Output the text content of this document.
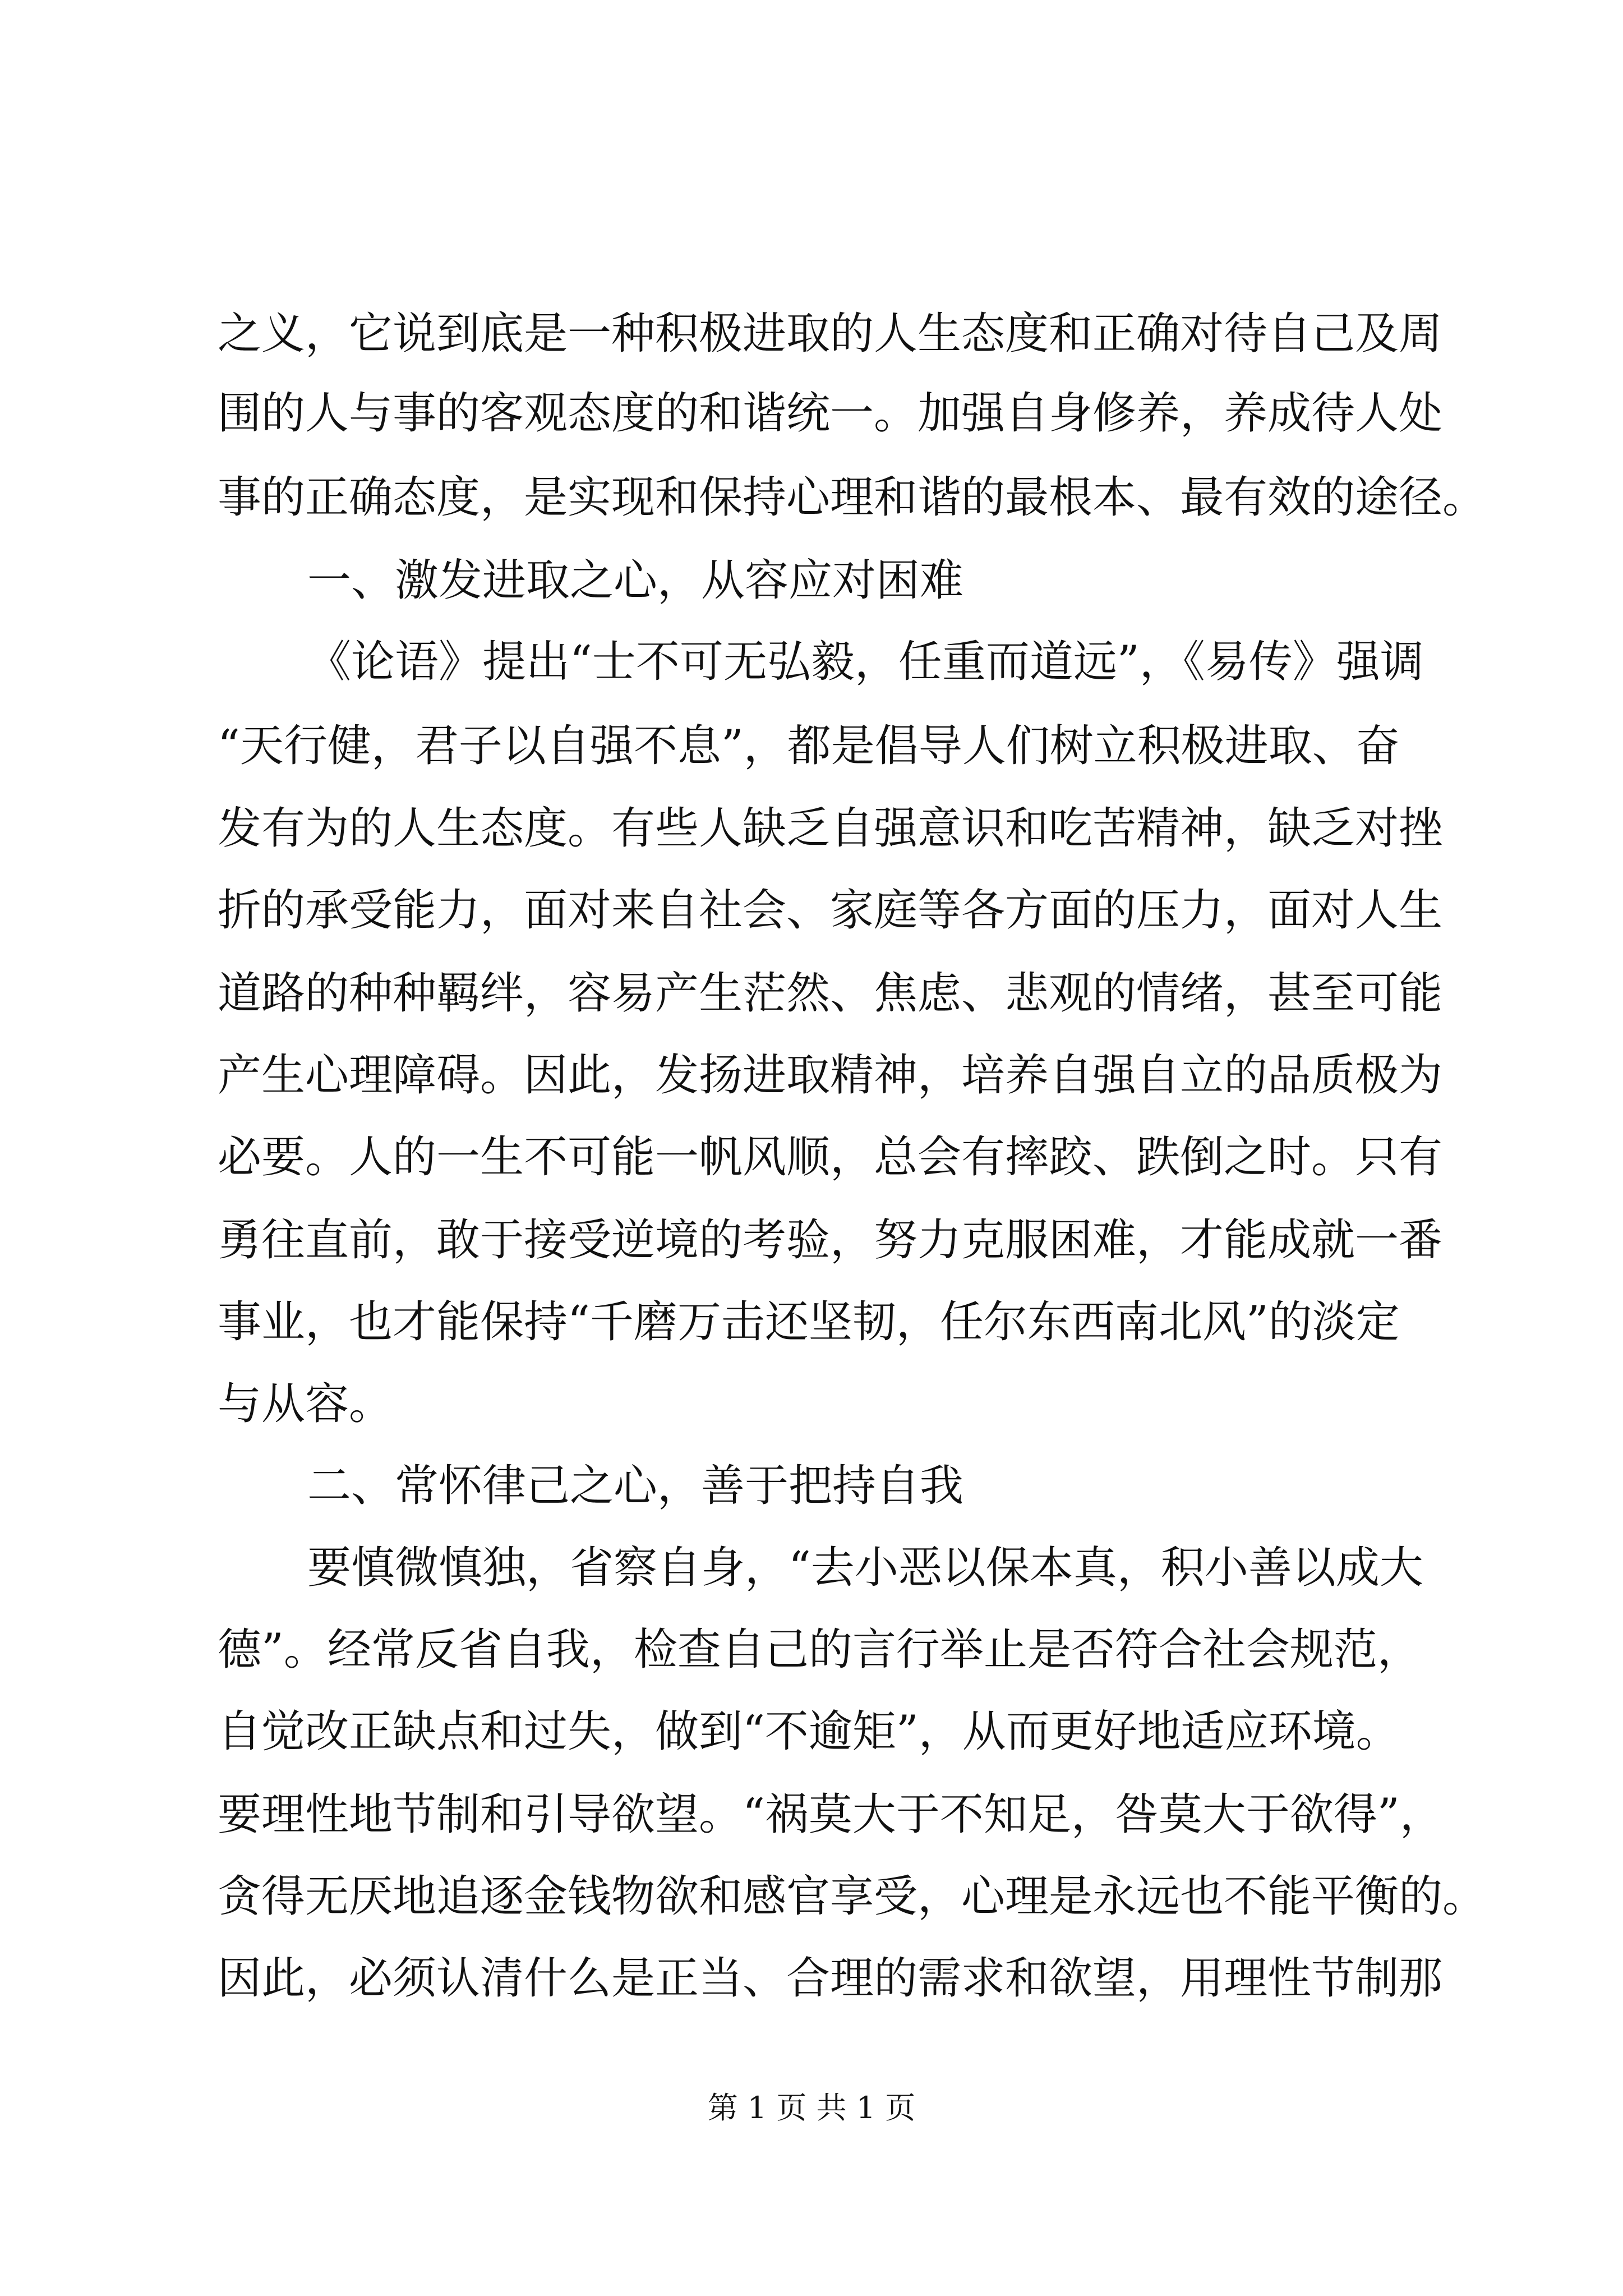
之义，它说到底是一种积极进取的人生态度和正确对待自己及周
围的人与事的客观态度的和谐统一。加强自身修养，养成待人处
事的正确态度，是实现和保持心理和谐的最根本、最有效的途径。
一、激发进取之心，从容应对困难
《论语》提出“士不可无弘毅，任重而道远”，《易传》强调
“天行健，君子以自强不息”，都是倡导人们树立积极进取、奋
发有为的人生态度。有些人缺乏自强意识和吃苦精神，缺乏对挫
折的承受能力，面对来自社会、家庭等各方面的压力，面对人生
道路的种种羁绊，容易产生茫然、焦虑、悲观的情绪，甚至可能
产生心理障碍。因此，发扬进取精神，培养自强自立的品质极为
必要。人的一生不可能一帆风顺，总会有摔跤、跌倒之时。只有
勇往直前，敢于接受逆境的考验，努力克服困难，才能成就一番
事业，也才能保持“千磨万击还坚韧，任尔东西南北风”的淡定
与从容。
二、常怀律己之心，善于把持自我
要慎微慎独，省察自身，“去小恶以保本真，积小善以成大
德”。经常反省自我，检查自己的言行举止是否符合社会规范，
自觉改正缺点和过失，做到“不逾矩”，从而更好地适应环境。
要理性地节制和引导欲望。“祸莫大于不知足，咎莫大于欲得”，
贪得无厌地追逐金钱物欲和感官享受，心理是永远也不能平衡的。
因此，必须认清什么是正当、合理的需求和欲望，用理性节制那
第 1 页 共 1 页
